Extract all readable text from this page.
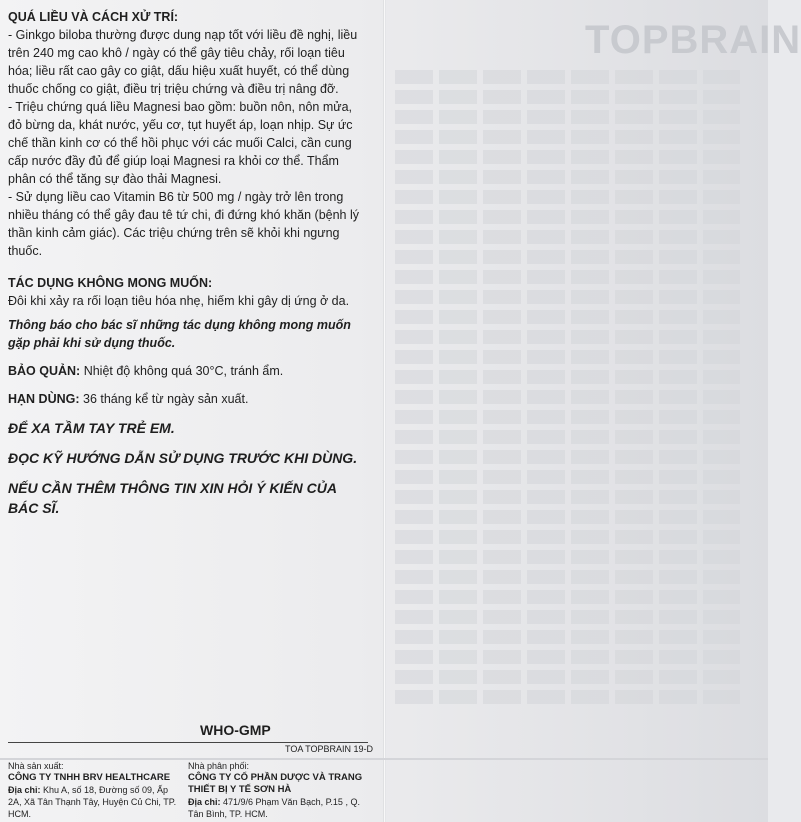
TOPBRAIN
QUÁ LIỀU VÀ CÁCH XỬ TRÍ:

- Ginkgo biloba thường được dung nạp tốt với liều đề nghị, liều trên 240 mg cao khô / ngày có thể gây tiêu chảy, rối loạn tiêu hóa; liều rất cao gây co giật, dấu hiệu xuất huyết, có thể dùng thuốc chống co giật, điều trị triệu chứng và điều trị nâng đỡ.

- Triệu chứng quá liều Magnesi bao gồm: buồn nôn, nôn mửa, đỏ bừng da, khát nước, yếu cơ, tụt huyết áp, loạn nhịp. Sự ức chế thần kinh cơ có thể hồi phục với các muối Calci, cần cung cấp nước đầy đủ để giúp loại Magnesi ra khỏi cơ thể. Thẩm phân có thể tăng sự đào thải Magnesi.

- Sử dụng liều cao Vitamin B6 từ 500 mg / ngày trở lên trong nhiều tháng có thể gây đau tê tứ chi, đi đứng khó khăn (bệnh lý thần kinh cảm giác). Các triệu chứng trên sẽ khỏi khi ngưng thuốc.

TÁC DỤNG KHÔNG MONG MUỐN:

Đôi khi xảy ra rối loạn tiêu hóa nhẹ, hiếm khi gây dị ứng ở da.

Thông báo cho bác sĩ những tác dụng không mong muốn gặp phải khi sử dụng thuốc.

BẢO QUẢN: Nhiệt độ không quá 30°C, tránh ẩm.

HẠN DÙNG: 36 tháng kể từ ngày sản xuất.

ĐỂ XA TẦM TAY TRẺ EM.

ĐỌC KỸ HƯỚNG DẪN SỬ DỤNG TRƯỚC KHI DÙNG.

NẾU CẦN THÊM THÔNG TIN XIN HỎI Ý KIẾN CỦA BÁC SĨ.

WHO-GMP
TOA TOPBRAIN 19-D
Nhà sản xuất:
CÔNG TY TNHH BRV HEALTHCARE
Địa chỉ: Khu A, số 18, Đường số 09, Ấp 2A, Xã Tân Thạnh Tây, Huyện Củ Chi, TP. HCM.
Nhà phân phối:
CÔNG TY CỔ PHẦN DƯỢC VÀ TRANG THIẾT BỊ Y TẾ SƠN HÀ
Địa chỉ: 471/9/6 Phạm Văn Bạch, P.15 , Q. Tân Bình, TP. HCM.
